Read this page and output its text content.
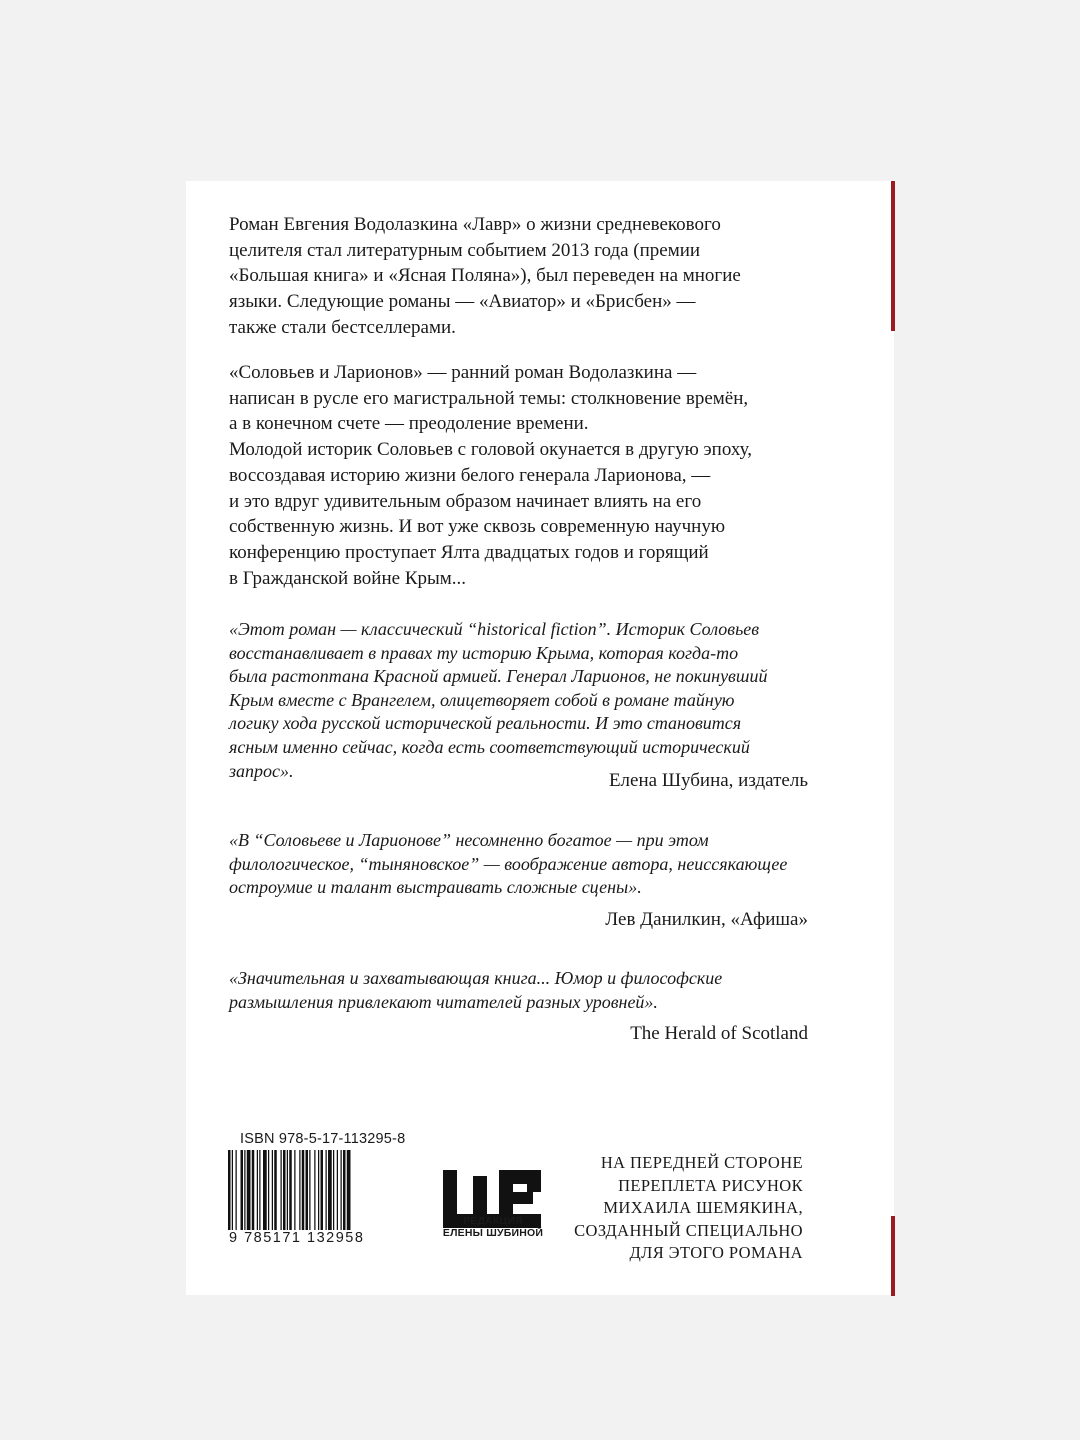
Роман Евгения Водолазкина «Лавр» о жизни средневекового
целителя стал литературным событием 2013 года (премии
«Большая книга» и «Ясная Поляна»), был переведен на многие
языки. Следующие романы — «Авиатор» и «Брисбен» —
также стали бестселлерами.

«Соловьев и Ларионов» — ранний роман Водолазкина —
написан в русле его магистральной темы: столкновение времён,
а в конечном счете — преодоление времени.
Молодой историк Соловьев с головой окунается в другую эпоху,
воссоздавая историю жизни белого генерала Ларионова, —
и это вдруг удивительным образом начинает влиять на его
собственную жизнь. И вот уже сквозь современную научную
конференцию проступает Ялта двадцатых годов и горящий
в Гражданской войне Крым...

«Этот роман — классический “historical fiction”. Историк Соловьев
восстанавливает в правах ту историю Крыма, которая когда-то
была растоптана Красной армией. Генерал Ларионов, не покинувший
Крым вместе с Врангелем, олицетворяет собой в романе тайную
логику хода русской исторической реальности. И это становится
ясным именно сейчас, когда есть соответствующий исторический
запрос».	Елена Шубина, издатель

«В “Соловьеве и Ларионове” несомненно богатое — при этом
филологическое, “тыняновское” — воображение автора, неиссякающее
остроумие и талант выстраивать сложные сцены».

Лев Данилкин, «Афиша»

«Значительная и захватывающая книга... Юмор и философские
размышления привлекают читателей разных уровней».

The Herald of Scotland
ISBN 978-5-17-113295-8
9 785171 132958
РЕДАКЦИЯ
ЕЛЕНЫ ШУБИНОЙ
НА ПЕРЕДНЕЙ СТОРОНЕ
ПЕРЕПЛЕТА РИСУНОК
МИХАИЛА ШЕМЯКИНА,
СОЗДАННЫЙ СПЕЦИАЛЬНО
ДЛЯ ЭТОГО РОМАНА
